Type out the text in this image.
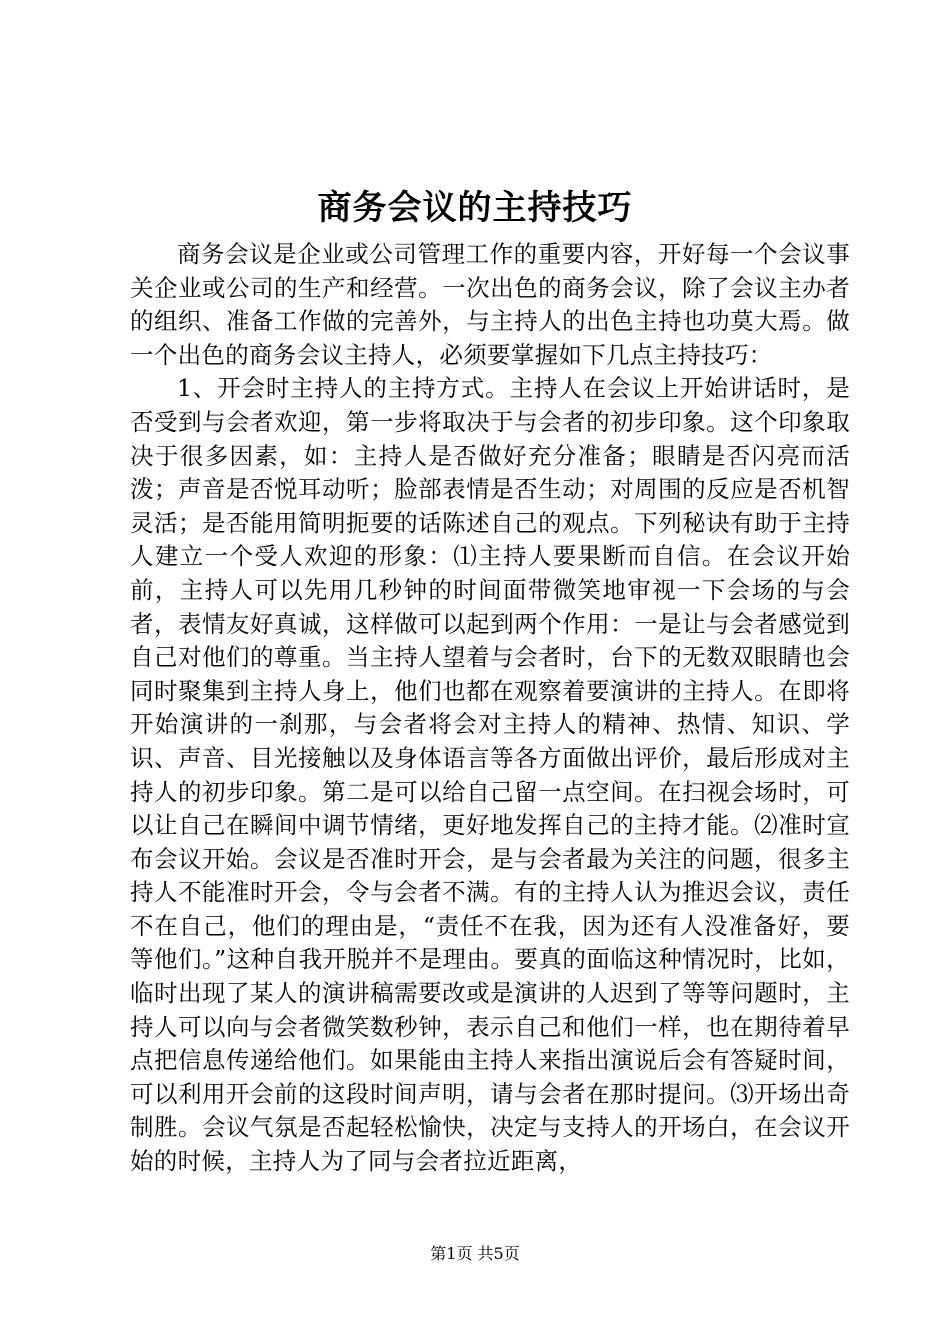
商务会议的主持技巧

商务会议是企业或公司管理工作的重要内容，开好每一个会议事关企业或公司的生产和经营。一次出色的商务会议，除了会议主办者的组织、准备工作做的完善外，与主持人的出色主持也功莫大焉。做一个出色的商务会议主持人，必须要掌握如下几点主持技巧：

1、开会时主持人的主持方式。主持人在会议上开始讲话时，是否受到与会者欢迎，第一步将取决于与会者的初步印象。这个印象取决于很多因素，如：主持人是否做好充分准备；眼睛是否闪亮而活泼；声音是否悦耳动听；脸部表情是否生动；对周围的反应是否机智灵活；是否能用简明扼要的话陈述自己的观点。下列秘诀有助于主持人建立一个受人欢迎的形象：⑴主持人要果断而自信。在会议开始前，主持人可以先用几秒钟的时间面带微笑地审视一下会场的与会者，表情友好真诚，这样做可以起到两个作用：一是让与会者感觉到自己对他们的尊重。当主持人望着与会者时，台下的无数双眼睛也会同时聚集到主持人身上，他们也都在观察着要演讲的主持人。在即将开始演讲的一刹那，与会者将会对主持人的精神、热情、知识、学识、声音、目光接触以及身体语言等各方面做出评价，最后形成对主持人的初步印象。第二是可以给自己留一点空间。在扫视会场时，可以让自己在瞬间中调节情绪，更好地发挥自己的主持才能。⑵准时宣布会议开始。会议是否准时开会，是与会者最为关注的问题，很多主持人不能准时开会，令与会者不满。有的主持人认为推迟会议，责任不在自己，他们的理由是，“责任不在我，因为还有人没准备好，要等他们。”这种自我开脱并不是理由。要真的面临这种情况时，比如，临时出现了某人的演讲稿需要改或是演讲的人迟到了等等问题时，主持人可以向与会者微笑数秒钟，表示自己和他们一样，也在期待着早点把信息传递给他们。如果能由主持人来指出演说后会有答疑时间，可以利用开会前的这段时间声明，请与会者在那时提问。⑶开场出奇制胜。会议气氛是否起轻松愉快，决定与支持人的开场白，在会议开始的时候，主持人为了同与会者拉近距离，

第1页 共5页
